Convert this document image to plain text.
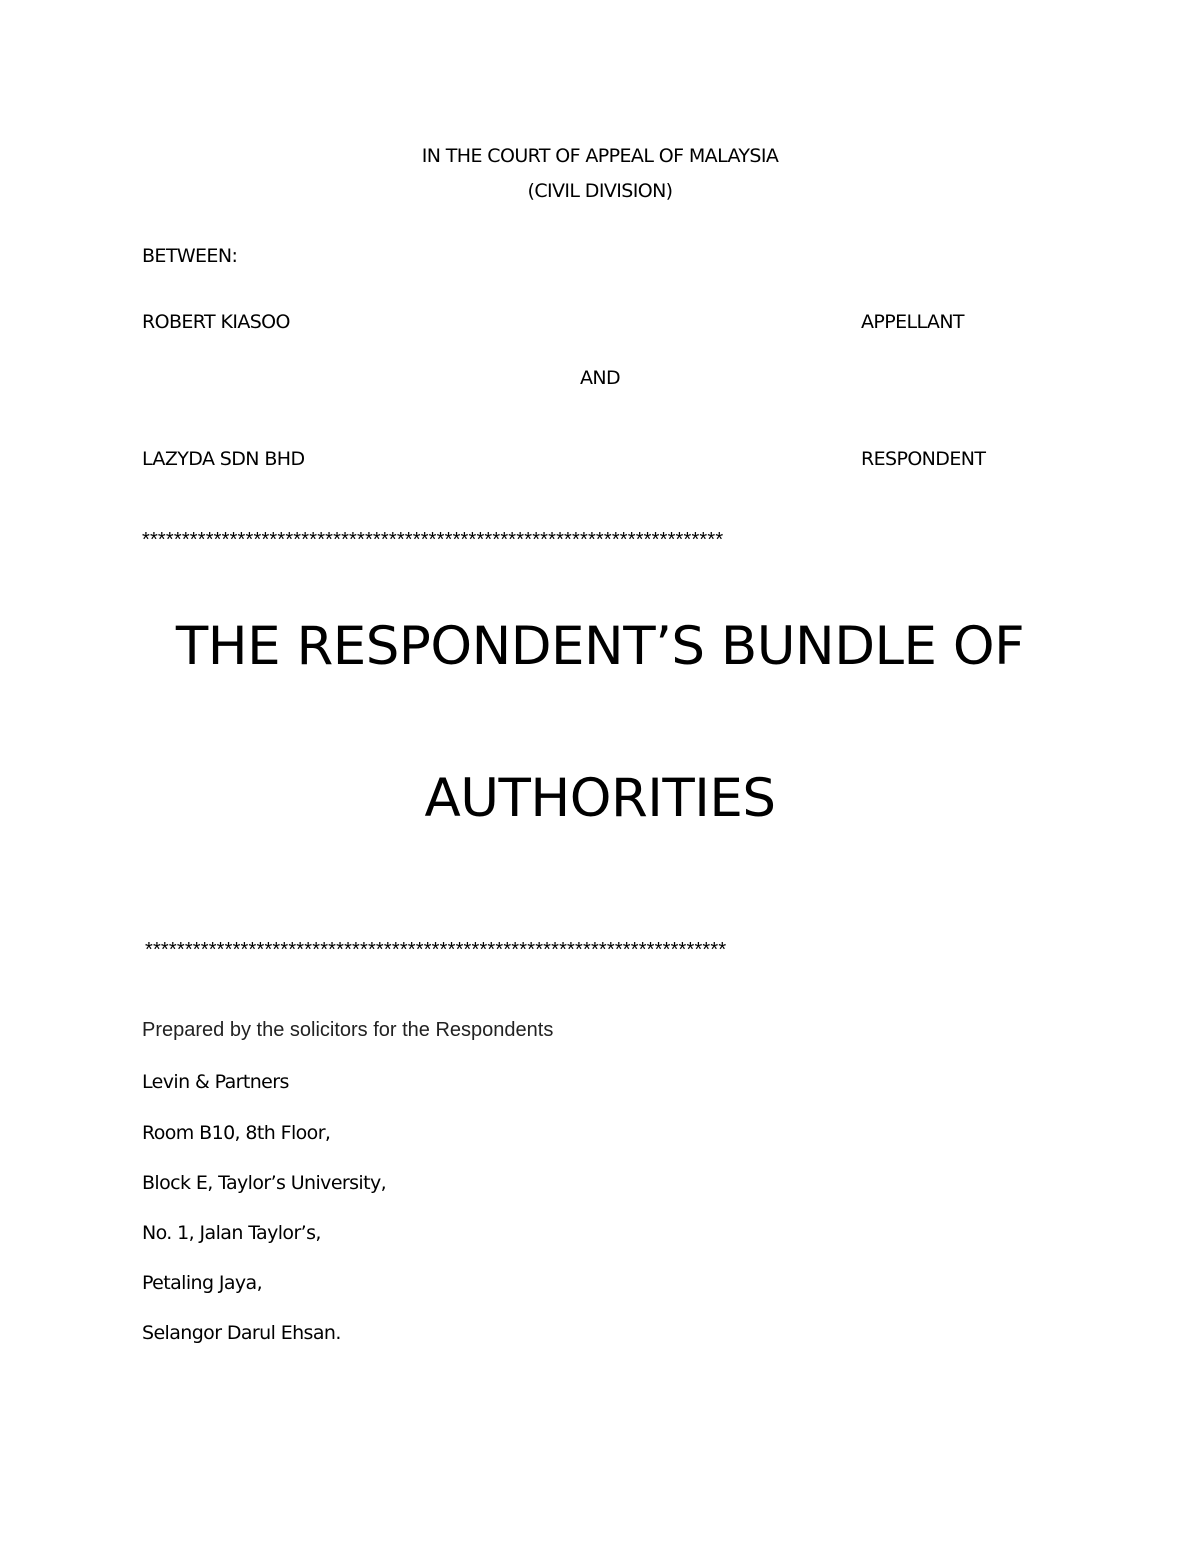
IN THE COURT OF APPEAL OF MALAYSIA
(CIVIL DIVISION)
BETWEEN:
ROBERT KIASOO	APPELLANT
AND
LAZYDA SDN BHD	RESPONDENT
*************************************************************************
THE RESPONDENT’S BUNDLE OF
AUTHORITIES
*************************************************************************
Prepared by the solicitors for the Respondents
Levin & Partners
Room B10, 8th Floor,
Block E, Taylor’s University,
No. 1, Jalan Taylor’s,
Petaling Jaya,
Selangor Darul Ehsan.
